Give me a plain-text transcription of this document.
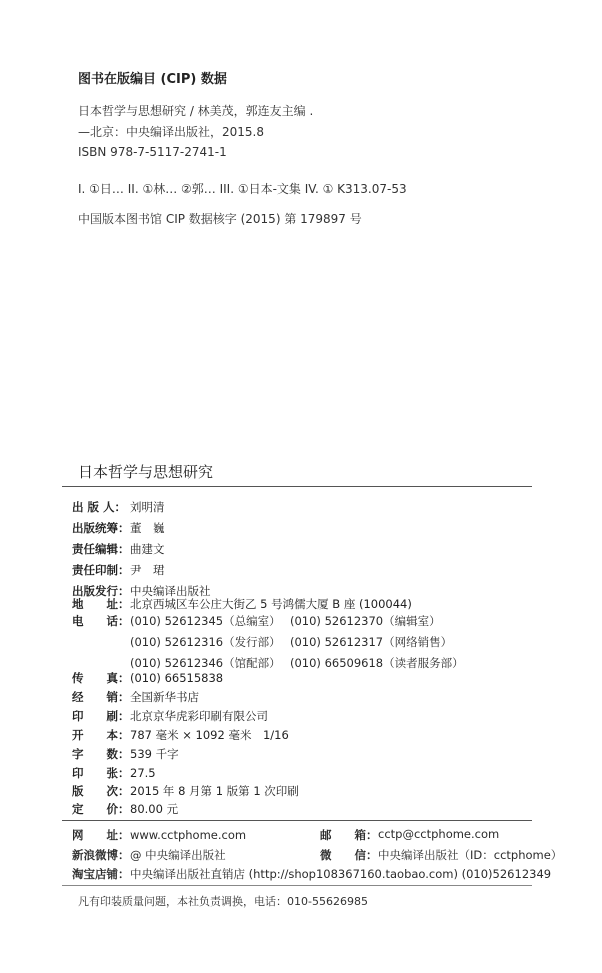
图书在版编目 (CIP) 数据
日本哲学与思想研究 / 林美茂，郭连友主编 .
—北京：中央编译出版社，2015.8
ISBN 978-7-5117-2741-1
I. ①日… II. ①林… ②郭… III. ①日本-文集 IV. ① K313.07-53
中国版本图书馆 CIP 数据核字 (2015) 第 179897 号
日本哲学与思想研究
出 版 人： 刘明清
出版统筹：董　巍
责任编辑：曲建文
责任印制：尹　珺
出版发行：中央编译出版社
地　　址：北京西城区车公庄大街乙 5 号鸿儒大厦 B 座 (100044)
电　　话： (010) 52612345（总编室） (010) 52612370（编辑室）
(010) 52612316（发行部） (010) 52612317（网络销售）
(010) 52612346（馆配部） (010) 66509618（读者服务部）
传　　真：(010) 66515838
经　　销：全国新华书店
印　　刷：北京京华虎彩印刷有限公司
开　　本：787 毫米 × 1092 毫米　1/16
字　　数：539 千字
印　　张：27.5
版　　次：2015 年 8 月第 1 版第 1 次印刷
定　　价：80.00 元
网　　址：www.cctphome.com	邮　　箱： cctp@cctphome.com
新浪微博：@ 中央编译出版社	微　　信： 中央编译出版社（ID：cctphome）
淘宝店铺：中央编译出版社直销店 (http://shop108367160.taobao.com) (010)52612349
凡有印装质量问题，本社负责调换，电话：010-55626985
